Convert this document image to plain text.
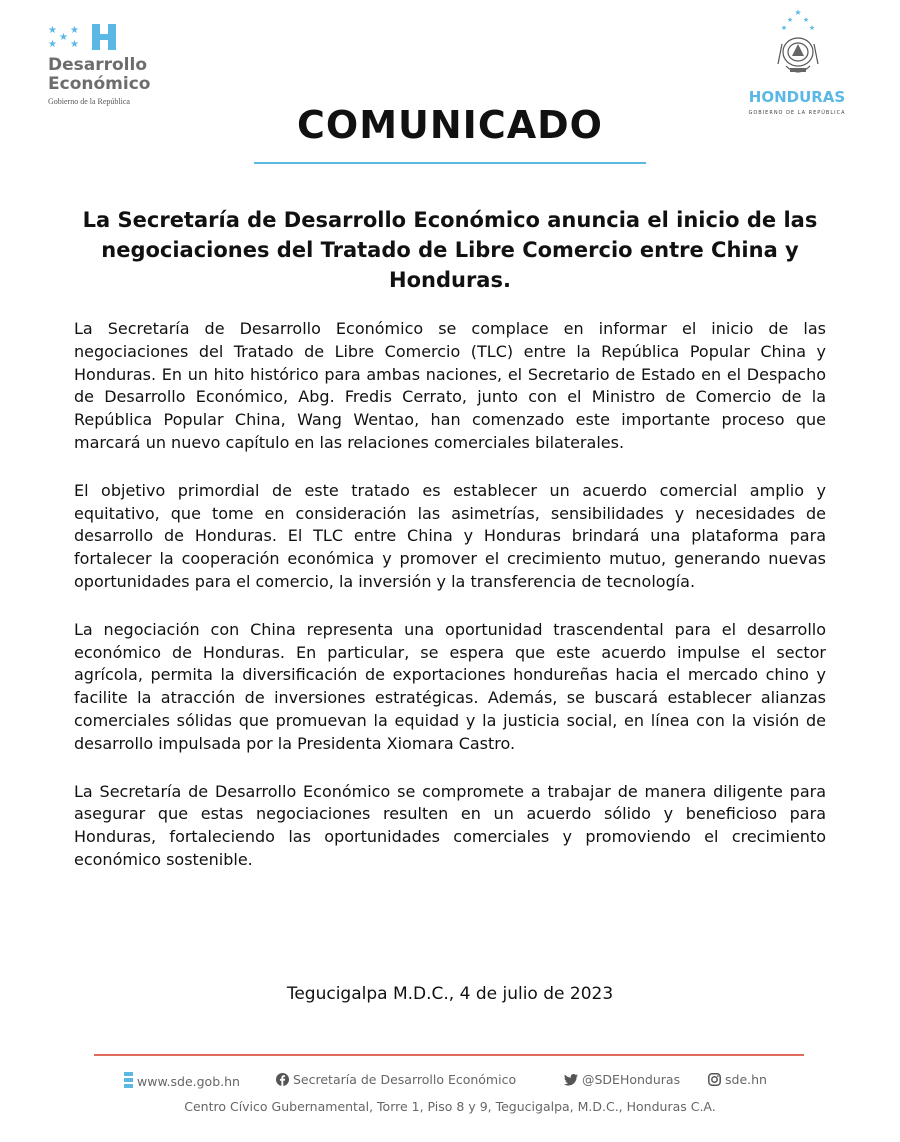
★ ★
★
★ ★
Desarrollo
Económico
Gobierno de la República
★
★ ★
★	★
HONDURAS
GOBIERNO DE LA REPÚBLICA
COMUNICADO
La Secretaría de Desarrollo Económico anuncia el inicio de las negociaciones del Tratado de Libre Comercio entre China y Honduras.

La Secretaría de Desarrollo Económico se complace en informar el inicio de las negociaciones del Tratado de Libre Comercio (TLC) entre la República Popular China y Honduras. En un hito histórico para ambas naciones, el Secretario de Estado en el Despacho de Desarrollo Económico, Abg. Fredis Cerrato, junto con el Ministro de Comercio de la República Popular China, Wang Wentao, han comenzado este importante proceso que marcará un nuevo capítulo en las relaciones comerciales bilaterales.

El objetivo primordial de este tratado es establecer un acuerdo comercial amplio y equitativo, que tome en consideración las asimetrías, sensibilidades y necesidades de desarrollo de Honduras. El TLC entre China y Honduras brindará una plataforma para fortalecer la cooperación económica y promover el crecimiento mutuo, generando nuevas oportunidades para el comercio, la inversión y la transferencia de tecnología.

La negociación con China representa una oportunidad trascendental para el desarrollo económico de Honduras. En particular, se espera que este acuerdo impulse el sector agrícola, permita la diversificación de exportaciones hondureñas hacia el mercado chino y facilite la atracción de inversiones estratégicas. Además, se buscará establecer alianzas comerciales sólidas que promuevan la equidad y la justicia social, en línea con la visión de desarrollo impulsada por la Presidenta Xiomara Castro.

La Secretaría de Desarrollo Económico se compromete a trabajar de manera diligente para asegurar que estas negociaciones resulten en un acuerdo sólido y beneficioso para Honduras, fortaleciendo las oportunidades comerciales y promoviendo el crecimiento económico sostenible.

Tegucigalpa M.D.C., 4 de julio de 2023
www.sde.gob.hn	Secretaría de Desarrollo Económico	@SDEHonduras	sde.hn
Centro Cívico Gubernamental, Torre 1, Piso 8 y 9, Tegucigalpa, M.D.C., Honduras C.A.
